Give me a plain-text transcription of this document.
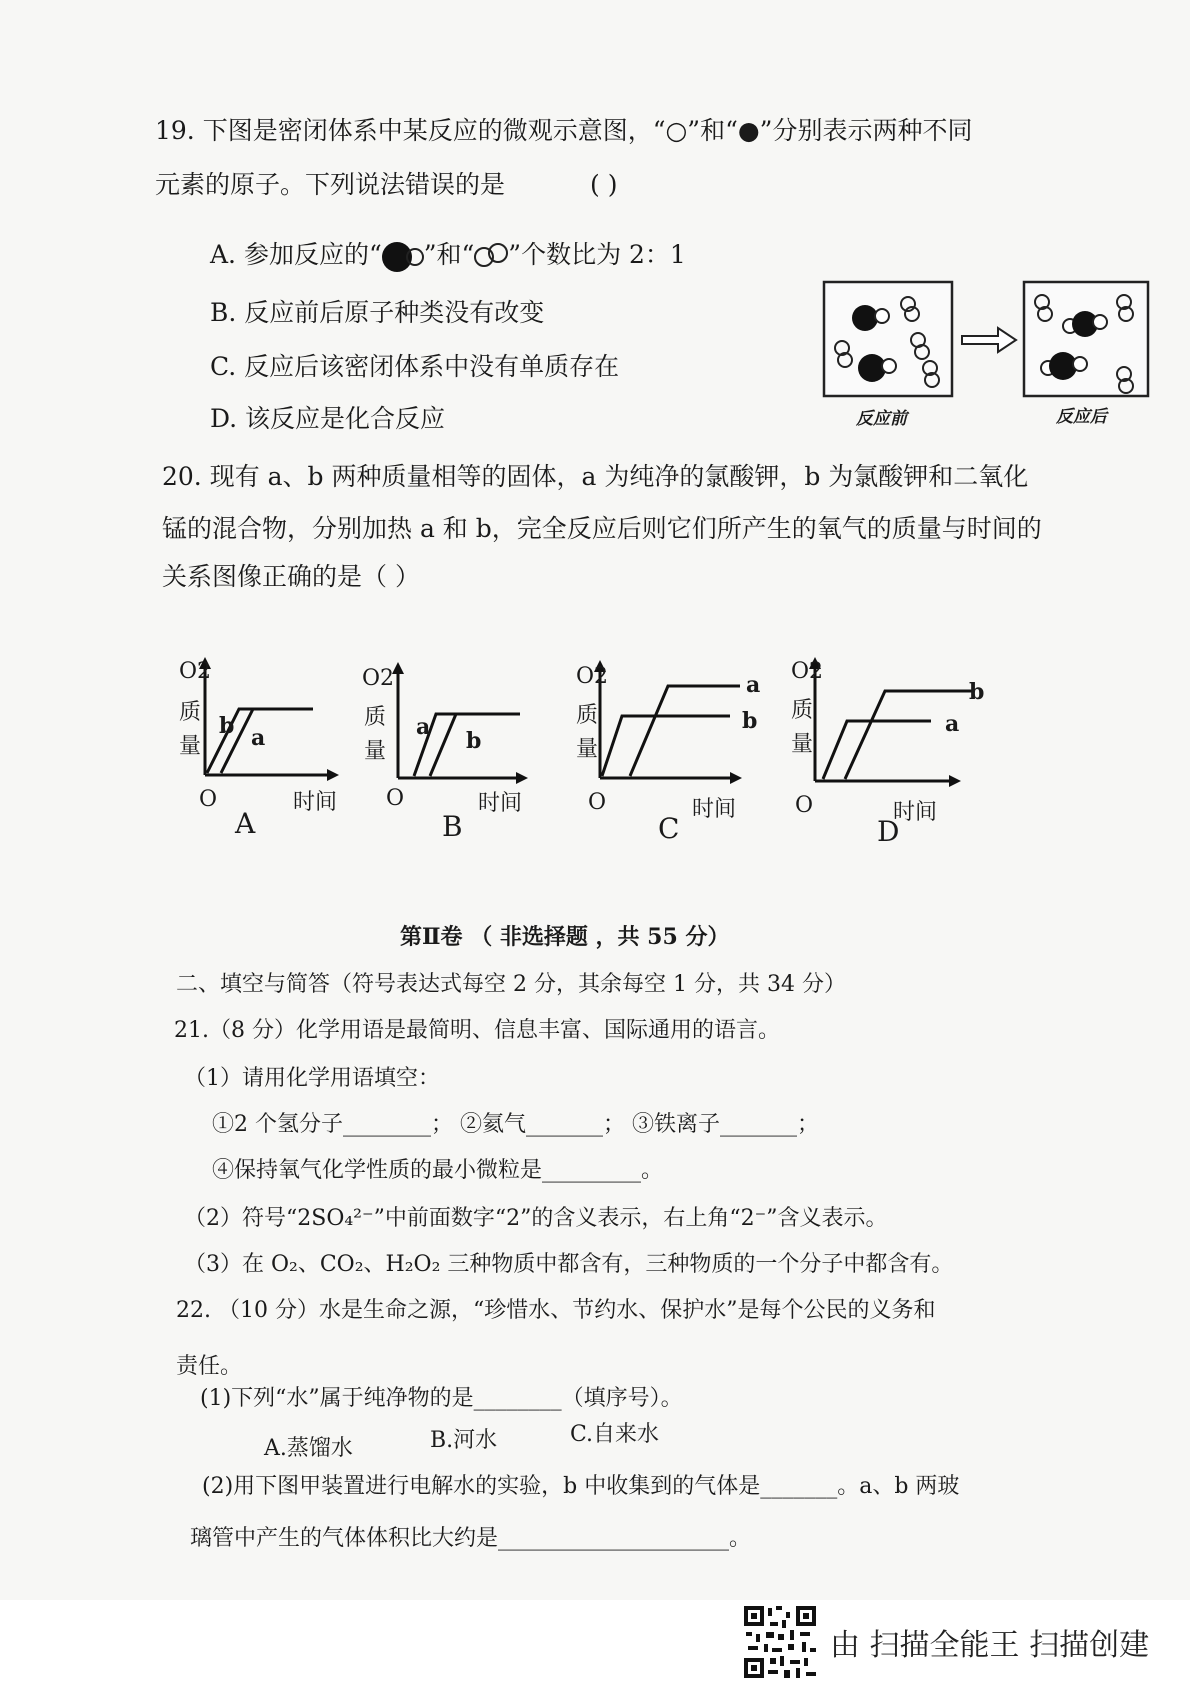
19. 下图是密闭体系中某反应的微观示意图，“○”和“●”分别表示两种不同
元素的原子。下列说法错误的是	( )
A. 参加反应的“ ”和“ ”个数比为 2：1
B. 反应前后原子种类没有改变
C. 反应后该密闭体系中没有单质存在
D. 该反应是化合反应	反应前	反应后
20. 现有 a、b 两种质量相等的固体，a 为纯净的氯酸钾，b 为氯酸钾和二氧化
锰的混合物，分别加热 a 和 b，完全反应后则它们所产生的氧气的质量与时间的
关系图像正确的是（ ）
O2
质
量
b a
O	时间
A
O2
质
量
a
b
O	时间
B
O2
质
量
a
b
O	时间
C
O2
质
量
b
a
O	时间
D
第Ⅱ卷 （ 非选择题 ，共 55 分）
二、填空与简答（符号表达式每空 2 分，其余每空 1 分，共 34 分）
21.（8 分）化学用语是最简明、信息丰富、国际通用的语言。
（1）请用化学用语填空：
①2 个氢分子________； ②氦气_______； ③铁离子_______；
④保持氧气化学性质的最小微粒是_________。
（2）符号“2SO₄²⁻”中前面数字“2”的含义表示，右上角“2⁻”含义表示。
（3）在 O₂、CO₂、H₂O₂ 三种物质中都含有，三种物质的一个分子中都含有。
22. （10 分）水是生命之源，“珍惜水、节约水、保护水”是每个公民的义务和
责任。
(1)下列“水”属于纯净物的是________（填序号）。
A.蒸馏水	B.河水	C.自来水
(2)用下图甲装置进行电解水的实验，b 中收集到的气体是_______。a、b 两玻
璃管中产生的气体体积比大约是_____________________。
由 扫描全能王 扫描创建
